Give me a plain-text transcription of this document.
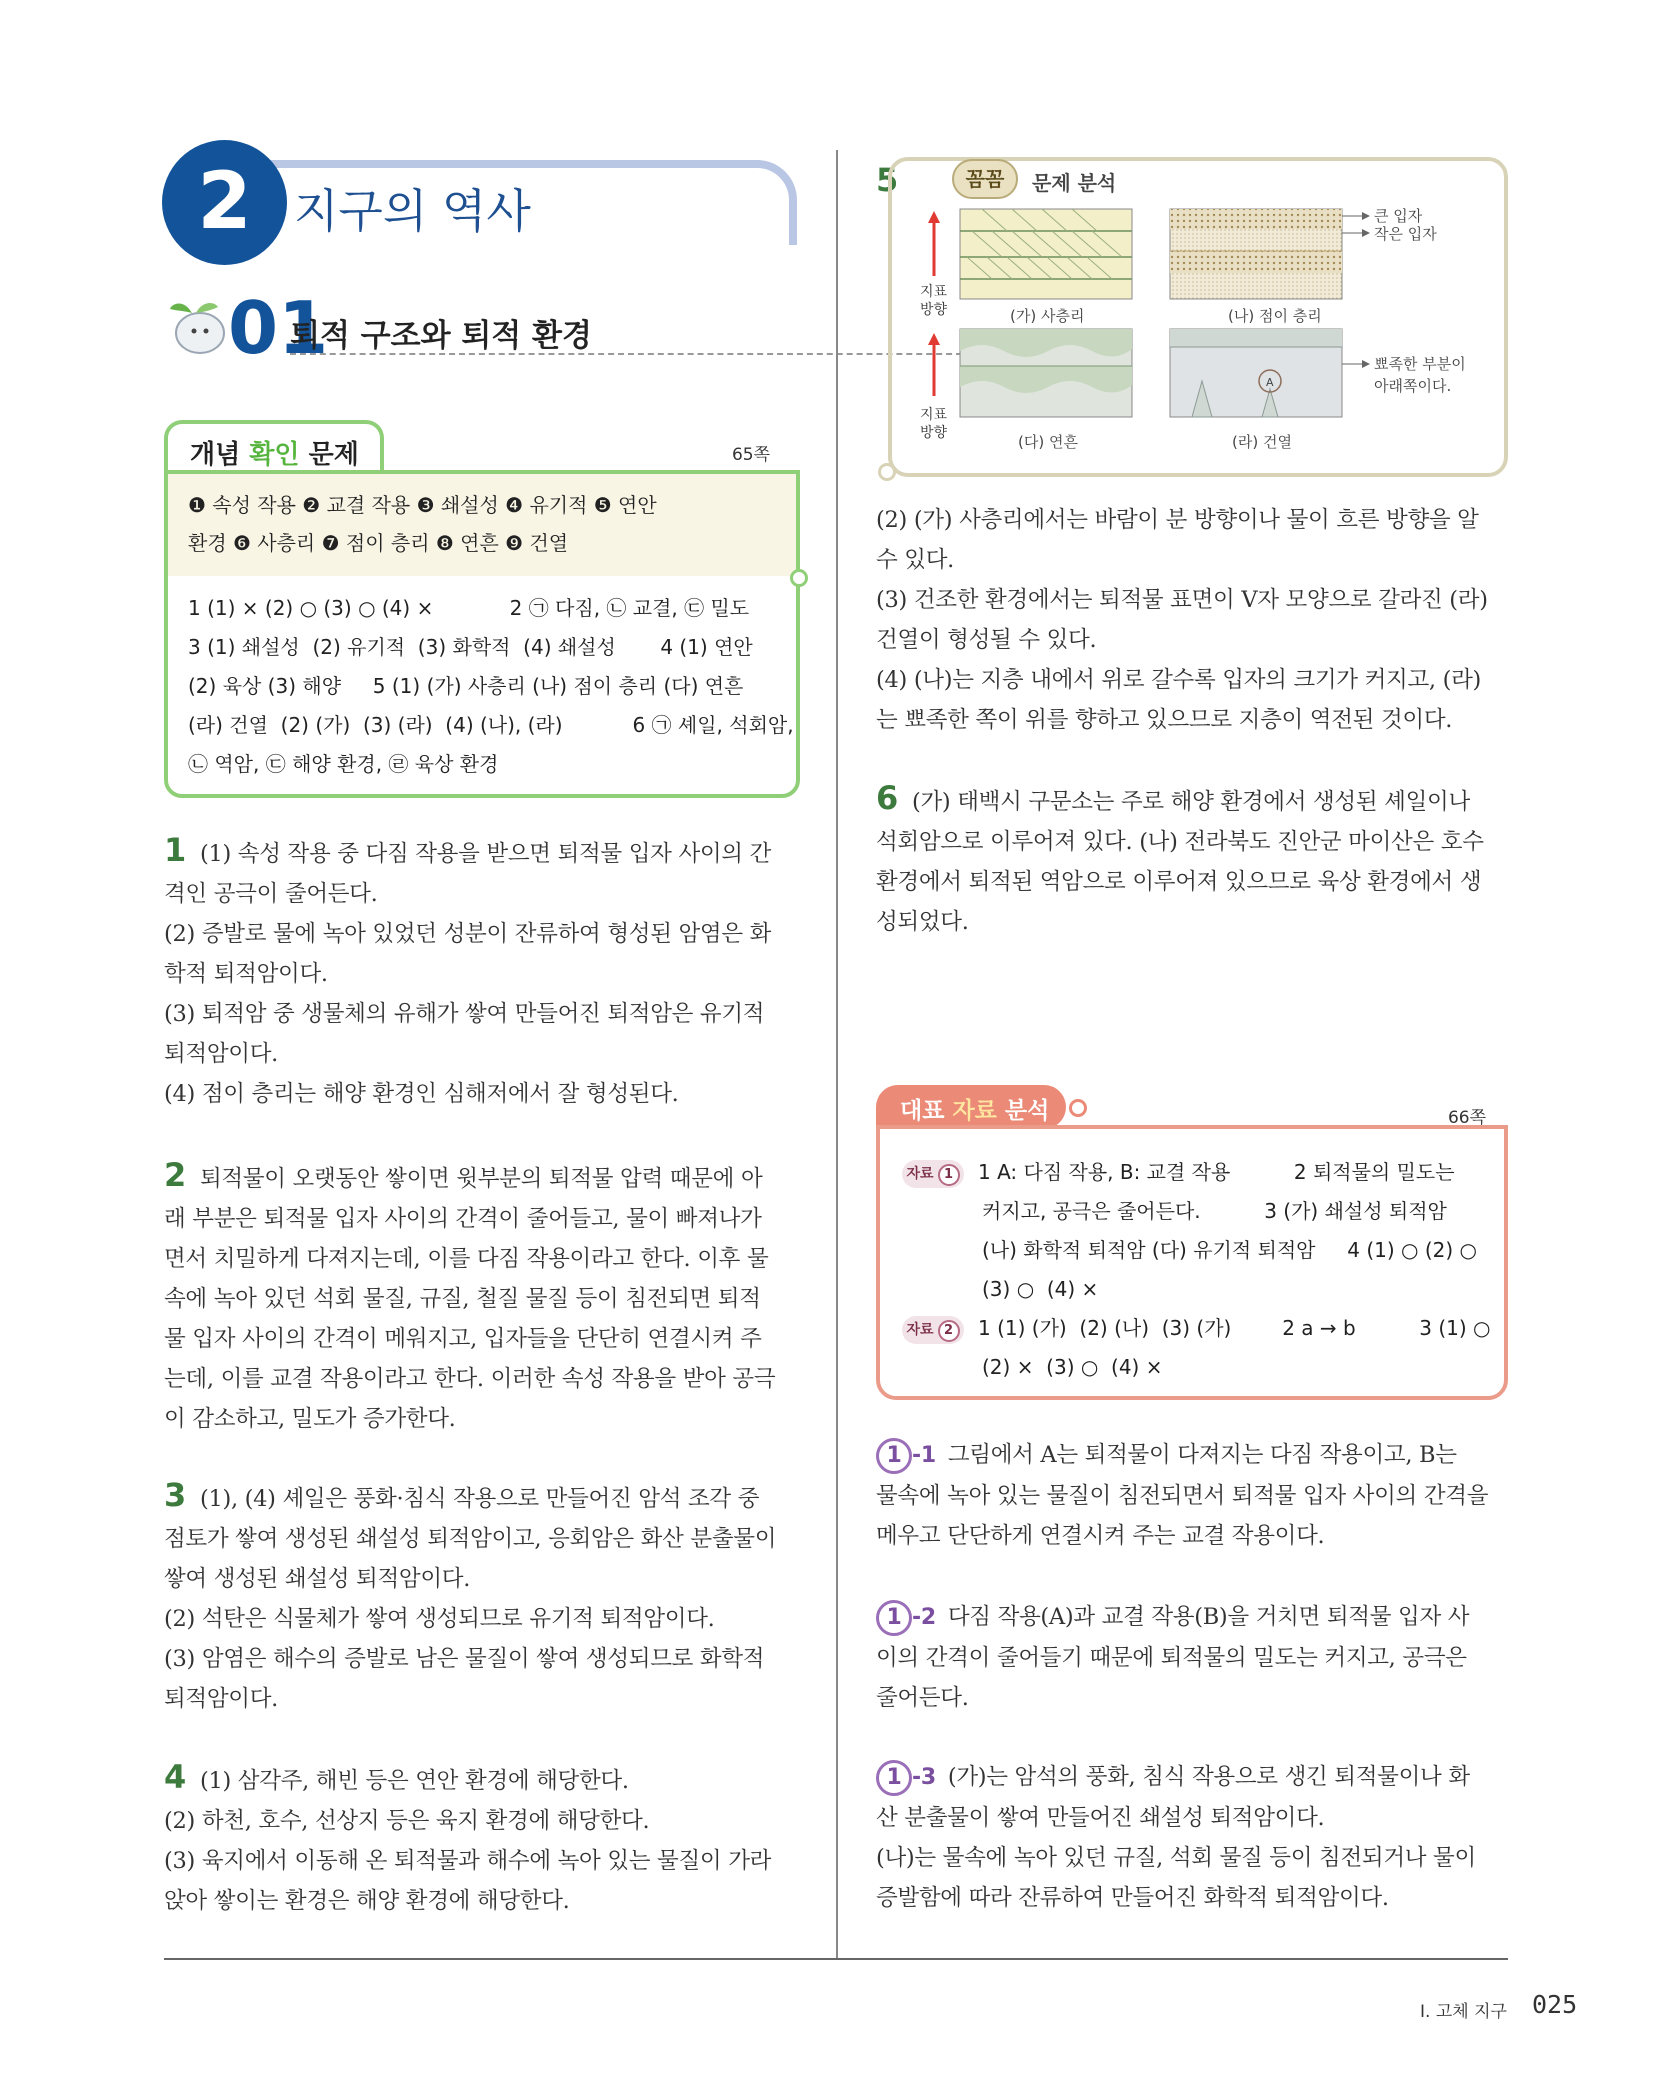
2 지구의 역사
01
퇴적 구조와 퇴적 환경
개념 확인 문제	65쪽
❶ 속성 작용 ❷ 교결 작용 ❸ 쇄설성 ❹ 유기적 ❺ 연안
환경 ❻ 사층리 ❼ 점이 층리 ❽ 연흔 ❾ 건열
1 (1) × (2) ○ (3) ○ (4) ×            2 ㉠ 다짐, ㉡ 교결, ㉢ 밀도
3 (1) 쇄설성  (2) 유기적  (3) 화학적  (4) 쇄설성       4 (1) 연안
(2) 육상 (3) 해양     5 (1) (가) 사층리 (나) 점이 층리 (다) 연흔
(라) 건열  (2) (가)  (3) (라)  (4) (나), (라)           6 ㉠ 셰일, 석회암,
㉡ 역암, ㉢ 해양 환경, ㉣ 육상 환경
1 (1) 속성 작용 중 다짐 작용을 받으면 퇴적물 입자 사이의 간
격인 공극이 줄어든다.
(2) 증발로 물에 녹아 있었던 성분이 잔류하여 형성된 암염은 화
학적 퇴적암이다.
(3) 퇴적암 중 생물체의 유해가 쌓여 만들어진 퇴적암은 유기적
퇴적암이다.
(4) 점이 층리는 해양 환경인 심해저에서 잘 형성된다.
2 퇴적물이 오랫동안 쌓이면 윗부분의 퇴적물 압력 때문에 아
래 부분은 퇴적물 입자 사이의 간격이 줄어들고, 물이 빠져나가
면서 치밀하게 다져지는데, 이를 다짐 작용이라고 한다. 이후 물
속에 녹아 있던 석회 물질, 규질, 철질 물질 등이 침전되면 퇴적
물 입자 사이의 간격이 메워지고, 입자들을 단단히 연결시켜 주
는데, 이를 교결 작용이라고 한다. 이러한 속성 작용을 받아 공극
이 감소하고, 밀도가 증가한다.
3 (1), (4) 셰일은 풍화·침식 작용으로 만들어진 암석 조각 중
점토가 쌓여 생성된 쇄설성 퇴적암이고, 응회암은 화산 분출물이
쌓여 생성된 쇄설성 퇴적암이다.
(2) 석탄은 식물체가 쌓여 생성되므로 유기적 퇴적암이다.
(3) 암염은 해수의 증발로 남은 물질이 쌓여 생성되므로 화학적
퇴적암이다.
4 (1) 삼각주, 해빈 등은 연안 환경에 해당한다.
(2) 하천, 호수, 선상지 등은 육지 환경에 해당한다.
(3) 육지에서 이동해 온 퇴적물과 해수에 녹아 있는 물질이 가라
앉아 쌓이는 환경은 해양 환경에 해당한다.
5	꼼꼼	문제 분석
지표
방향	(가) 사층리
큰 입자
작은 입자
(나) 점이 층리
지표
방향	(다) 연흔
A
뾰족한 부분이
아래쪽이다.
(라) 건열
(2) (가) 사층리에서는 바람이 분 방향이나 물이 흐른 방향을 알
수 있다.
(3) 건조한 환경에서는 퇴적물 표면이 V자 모양으로 갈라진 (라)
건열이 형성될 수 있다.
(4) (나)는 지층 내에서 위로 갈수록 입자의 크기가 커지고, (라)
는 뾰족한 쪽이 위를 향하고 있으므로 지층이 역전된 것이다.
6 (가) 태백시 구문소는 주로 해양 환경에서 생성된 셰일이나
석회암으로 이루어져 있다. (나) 전라북도 진안군 마이산은 호수
환경에서 퇴적된 역암으로 이루어져 있으므로 육상 환경에서 생
성되었다.
대표 자료 분석	66쪽
자료 1 1 A: 다짐 작용, B: 교결 작용          2 퇴적물의 밀도는
커지고, 공극은 줄어든다.          3 (가) 쇄설성 퇴적암
(나) 화학적 퇴적암 (다) 유기적 퇴적암     4 (1) ○ (2) ○
(3) ○  (4) ×
자료 2 1 (1) (가)  (2) (나)  (3) (가)        2 a → b          3 (1) ○
(2) ×  (3) ○  (4) ×
1 -1 그림에서 A는 퇴적물이 다져지는 다짐 작용이고, B는
물속에 녹아 있는 물질이 침전되면서 퇴적물 입자 사이의 간격을
메우고 단단하게 연결시켜 주는 교결 작용이다.
1 -2 다짐 작용(A)과 교결 작용(B)을 거치면 퇴적물 입자 사
이의 간격이 줄어들기 때문에 퇴적물의 밀도는 커지고, 공극은
줄어든다.
1 -3 (가)는 암석의 풍화, 침식 작용으로 생긴 퇴적물이나 화
산 분출물이 쌓여 만들어진 쇄설성 퇴적암이다.
(나)는 물속에 녹아 있던 규질, 석회 물질 등이 침전되거나 물이
증발함에 따라 잔류하여 만들어진 화학적 퇴적암이다.
I. 고체 지구 025
